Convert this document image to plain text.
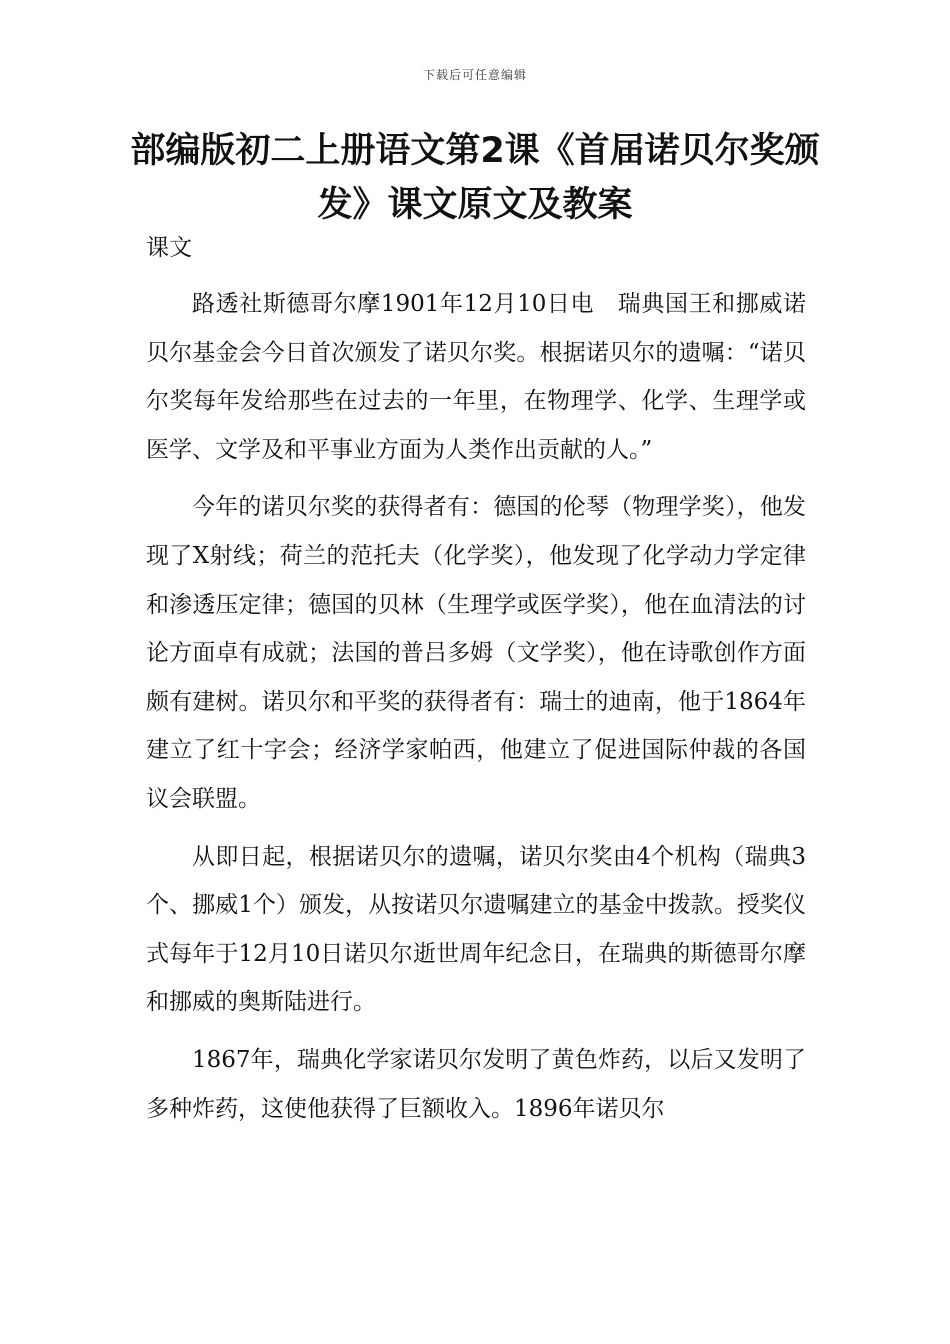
下载后可任意编辑
部编版初二上册语文第2课《首届诺贝尔奖颁发》课文原文及教案
课文

路透社斯德哥尔摩1901年12月10日电　瑞典国王和挪威诺贝尔基金会今日首次颁发了诺贝尔奖。根据诺贝尔的遗嘱：“诺贝尔奖每年发给那些在过去的一年里，在物理学、化学、生理学或医学、文学及和平事业方面为人类作出贡献的人。”

今年的诺贝尔奖的获得者有：德国的伦琴（物理学奖），他发现了X射线；荷兰的范托夫（化学奖），他发现了化学动力学定律和渗透压定律；德国的贝林（生理学或医学奖），他在血清法的讨论方面卓有成就；法国的普吕多姆（文学奖），他在诗歌创作方面颇有建树。诺贝尔和平奖的获得者有：瑞士的迪南，他于1864年建立了红十字会；经济学家帕西，他建立了促进国际仲裁的各国议会联盟。

从即日起，根据诺贝尔的遗嘱，诺贝尔奖由4个机构（瑞典3个、挪威1个）颁发，从按诺贝尔遗嘱建立的基金中拨款。授奖仪式每年于12月10日诺贝尔逝世周年纪念日，在瑞典的斯德哥尔摩和挪威的奥斯陆进行。

1867年，瑞典化学家诺贝尔发明了黄色炸药，以后又发明了多种炸药，这使他获得了巨额收入。1896年诺贝尔
